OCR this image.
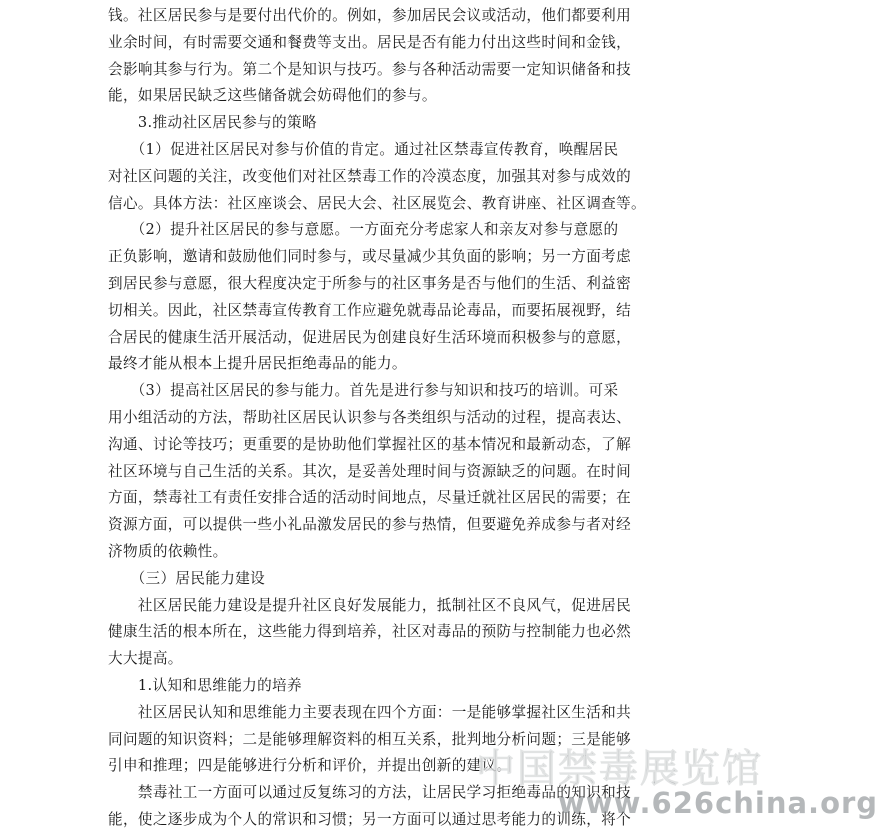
钱。社区居民参与是要付出代价的。例如，参加居民会议或活动，他们都要利用
业余时间，有时需要交通和餐费等支出。居民是否有能力付出这些时间和金钱，
会影响其参与行为。第二个是知识与技巧。参与各种活动需要一定知识储备和技
能，如果居民缺乏这些储备就会妨碍他们的参与。
　　3.推动社区居民参与的策略
　　（1）促进社区居民对参与价值的肯定。通过社区禁毒宣传教育，唤醒居民
对社区问题的关注，改变他们对社区禁毒工作的冷漠态度，加强其对参与成效的
信心。具体方法：社区座谈会、居民大会、社区展览会、教育讲座、社区调查等。
　　（2）提升社区居民的参与意愿。一方面充分考虑家人和亲友对参与意愿的
正负影响，邀请和鼓励他们同时参与，或尽量减少其负面的影响；另一方面考虑
到居民参与意愿，很大程度决定于所参与的社区事务是否与他们的生活、利益密
切相关。因此，社区禁毒宣传教育工作应避免就毒品论毒品，而要拓展视野，结
合居民的健康生活开展活动，促进居民为创建良好生活环境而积极参与的意愿，
最终才能从根本上提升居民拒绝毒品的能力。
　　（3）提高社区居民的参与能力。首先是进行参与知识和技巧的培训。可采
用小组活动的方法，帮助社区居民认识参与各类组织与活动的过程，提高表达、
沟通、讨论等技巧；更重要的是协助他们掌握社区的基本情况和最新动态，了解
社区环境与自己生活的关系。其次，是妥善处理时间与资源缺乏的问题。在时间
方面，禁毒社工有责任安排合适的活动时间地点，尽量迁就社区居民的需要；在
资源方面，可以提供一些小礼品激发居民的参与热情，但要避免养成参与者对经
济物质的依赖性。
　　（三）居民能力建设
　　社区居民能力建设是提升社区良好发展能力，抵制社区不良风气，促进居民
健康生活的根本所在，这些能力得到培养，社区对毒品的预防与控制能力也必然
大大提高。
　　1.认知和思维能力的培养
　　社区居民认知和思维能力主要表现在四个方面：一是能够掌握社区生活和共
同问题的知识资料；二是能够理解资料的相互关系，批判地分析问题；三是能够
引申和推理；四是能够进行分析和评价，并提出创新的建议。
　　禁毒社工一方面可以通过反复练习的方法，让居民学习拒绝毒品的知识和技
能，使之逐步成为个人的常识和习惯；另一方面可以通过思考能力的训练，将个
中国禁毒展览馆
www.626china.org
